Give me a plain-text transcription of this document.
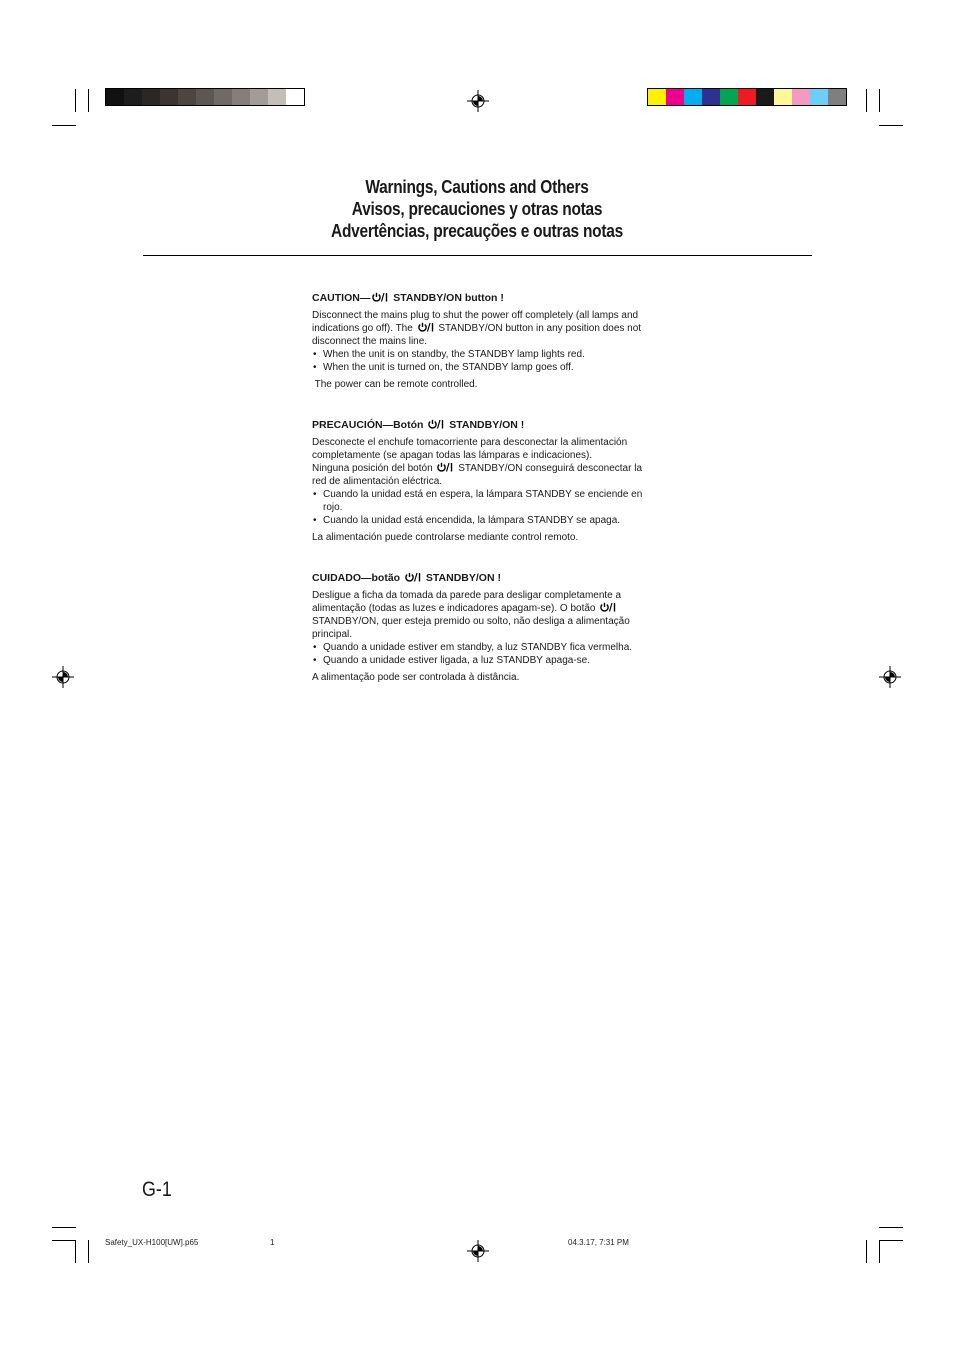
Warnings, Cautions and Others
Avisos, precauciones y otras notas
Advertências, precauções e outras notas
CAUTION— STANDBY/ON button !

Disconnect the mains plug to shut the power off completely (all lamps and indications go off). The  STANDBY/ON button in any position does not disconnect the mains line.

• When the unit is on standby, the STANDBY lamp lights red.
• When the unit is turned on, the STANDBY lamp goes off.

The power can be remote controlled.

PRECAUCIÓN—Botón  STANDBY/ON !

Desconecte el enchufe tomacorriente para desconectar la alimentación completamente (se apagan todas las lámparas e indicaciones).

Ninguna posición del botón  STANDBY/ON conseguirá desconectar la red de alimentación eléctrica.

• Cuando la unidad está en espera, la lámpara STANDBY se enciende en rojo.
• Cuando la unidad está encendida, la lámpara STANDBY se apaga.

La alimentación puede controlarse mediante control remoto.

CUIDADO—botão  STANDBY/ON !

Desligue a ficha da tomada da parede para desligar completamente a alimentação (todas as luzes e indicadores apagam-se). O botão  STANDBY/ON, quer esteja premido ou solto, não desliga a alimentação principal.

• Quando a unidade estiver em standby, a luz STANDBY fica vermelha.
• Quando a unidade estiver ligada, a luz STANDBY apaga-se.

A alimentação pode ser controlada à distância.

G-1
Safety_UX-H100[UW].p65	1	04.3.17, 7:31 PM
